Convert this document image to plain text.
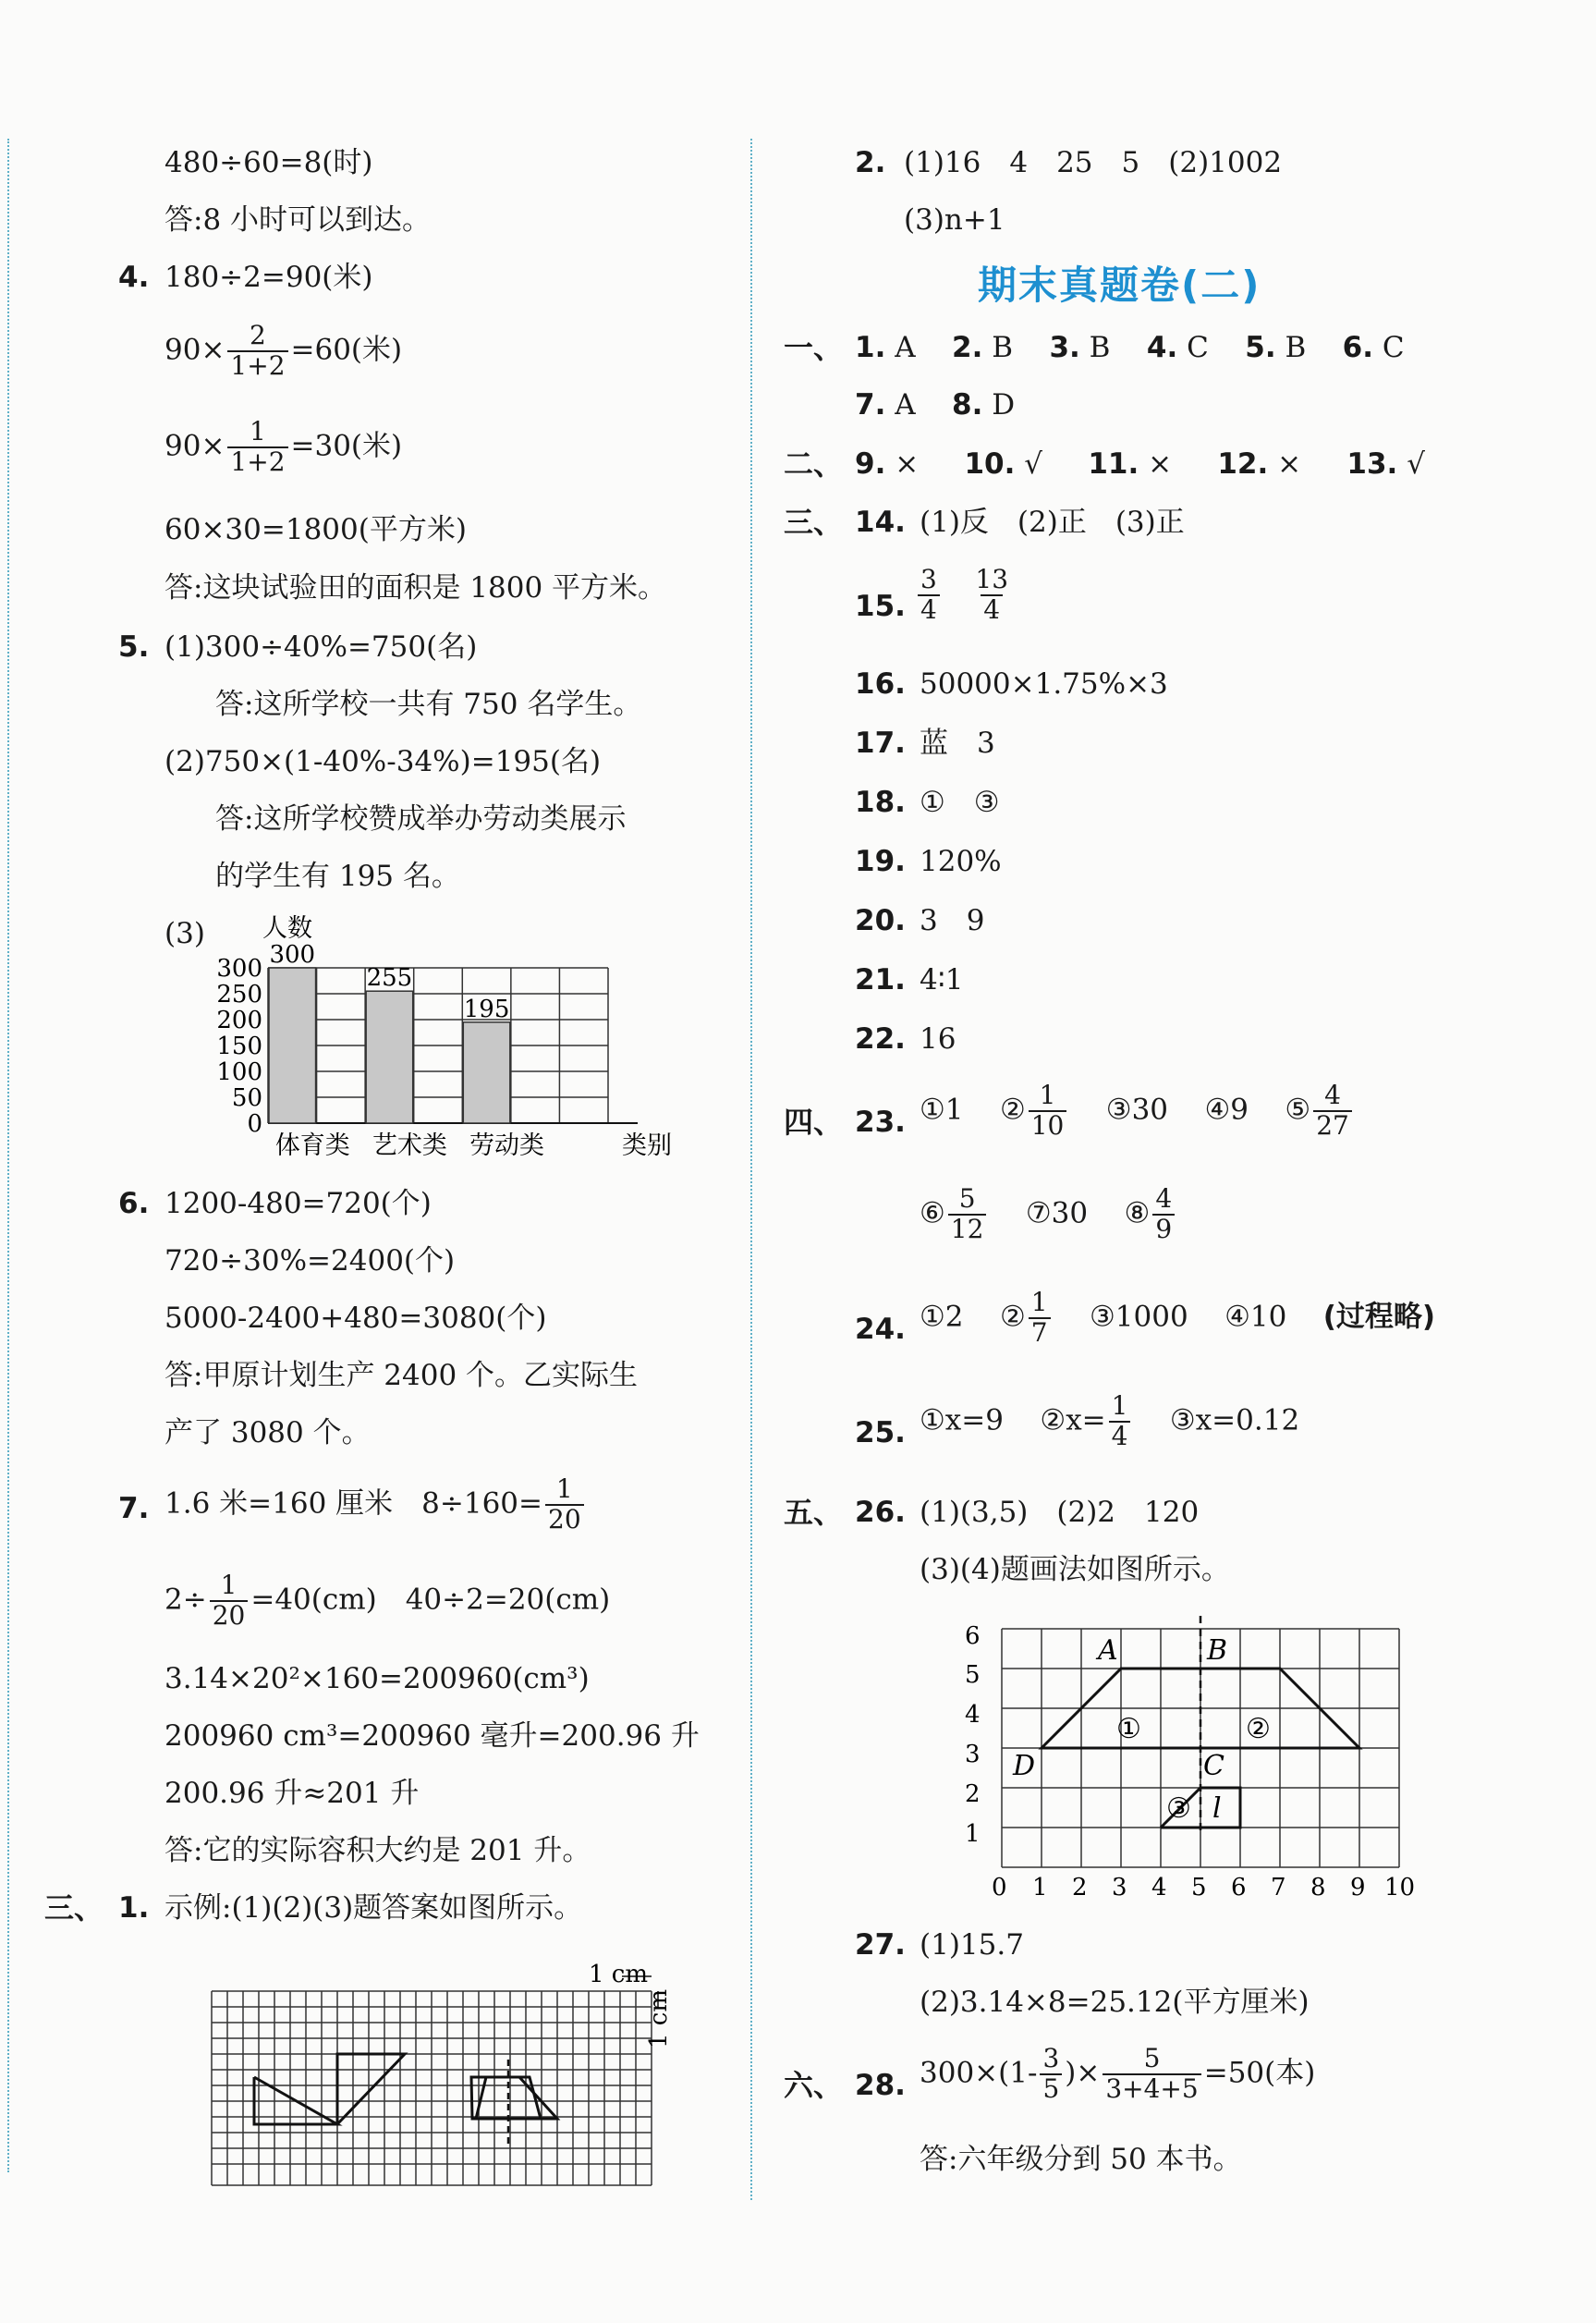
480÷60=8(时)
答:8 小时可以到达。
4. 180÷2=90(米)
$90\times \frac{2}{1+2} =60$(米)
$90\times \frac{1}{1+2} =30$(米)
60×30=1800(平方米)
答:这块试验田的面积是 1800 平方米。
5. (1)300÷40%=750(名)
答:这所学校一共有 750 名学生。
(2)750×(1-40%-34%)=195(名)
答:这所学校赞成举办劳动类展示
的学生有 195 名。
(3)
300
250
200
150
100
50
0
300
体育类
255
艺术类
195
劳动类
人数
类别
6. 1200-480=720(个)
720÷30%=2400(个)
5000-2400+480=3080(个)
答:甲原计划生产 2400 个。乙实际生
产了 3080 个。
7. 1.6 米=160 厘米　$8\div 160= \frac{1}{20}$
$2\div \frac{1}{20} =40(cm)$　40÷2=20(cm)
3.14×20²×160=200960(cm³)
200960 cm³=200960 毫升=200.96 升
200.96 升≈201 升
答:它的实际容积大约是 201 升。
三、 1. 示例:(1)(2)(3)题答案如图所示。
1 cm
1 cm
2. (1)16　4　25　5　(2)1002
(3)n+1
期末真题卷(二)
一、 1. A 2. B 3. B 4. C 5. B 6. C
7. A 8. D
二、 9. × 10. √ 11. × 12. × 13. √
三、 14. (1)反　(2)正　(3)正
15. $\frac{3}{4}$
$\frac{13}{4}$
16. 50000×1.75%×3
17. 蓝　3
18. ①　③
19. 120%
20. 3　9
21. 4∶1
22. 16
四、 23. ①1 ② $\frac{1}{10}$ ③30 ④9 ⑤ $\frac{4}{27}$
⑥ $\frac{5}{12}$ ⑦30 ⑧ $\frac{4}{9}$
24. ①2 ② $\frac{1}{7}$ ③1000 ④10 (过程略)
25. ①x=9 ②x= $\frac{1}{4}$ ③x=0.12
五、 26. (1)(3,5)　(2)2　120
(3)(4)题画法如图所示。
6
5
4
3
2
1
0 1 2 3 4 5 6 7 8 9 10
A	B
C
D
l
①	②
③
27. (1)15.7
(2)3.14×8=25.12(平方厘米)
六、 28. $300\times(1- \frac{3}{5}$ )× $\frac{5}{3+4+5} =50$(本)
答:六年级分到 50 本书。
